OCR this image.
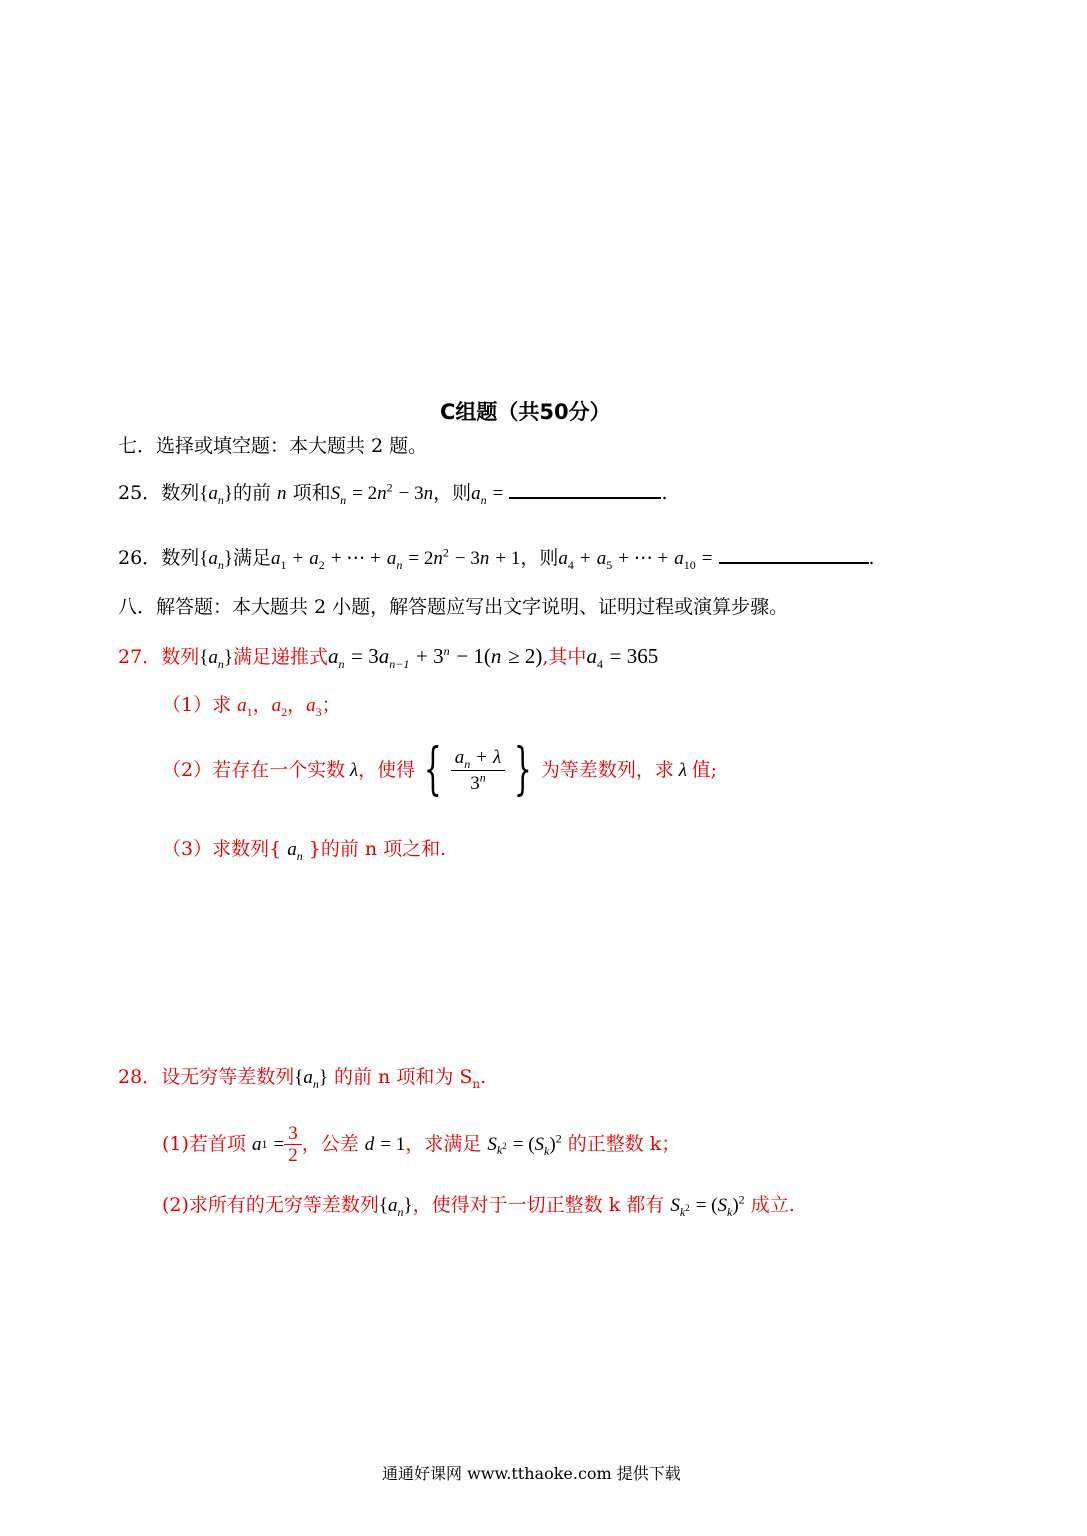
C组题（共50分）
七．选择或填空题：本大题共 2 题。
25．数列$\{a_n\}$的前 n 项和$S_n = 2n^2 - 3n$，则$a_n$ =	.
26．数列$\{a_n\}$满足$a_1 + a_2$ + ⋯ + $a_n = 2n^2 - 3n + 1$，则$a_4 + a_5$ + ⋯ + $a_{10}$ =	.
八．解答题：本大题共 2 小题，解答题应写出文字说明、证明过程或演算步骤。
27．数列$\{a_n\}$满足递推式$a_n = 3a_{n-1} + 3^n - 1(n \ge 2)$,其中$a_4 = 365$
（1）求 $a_1$，$a_2$，$a_3$；
（2）若存在一个实数 λ ，使得 { $\frac{a_n + \lambda}{3^n}$ } 为等差数列，求 λ 值;
（3）求数列{ $a_n$ }的前 n 项之和.
28．设无穷等差数列$\{a_n\}$ 的前 n 项和为 $S_n$.
(1)若首项
a 1
= $\frac{3}{2}$ ，公差
d
= 1 ，求满足
$S_{k^2} = (S_k)^2$
的正整数 k；
(2)求所有的无穷等差数列$\{a_n\}$，使得对于一切正整数 k 都有 $S_{k^2} = (S_k)^2$ 成立.
通通好课网 www.tthaoke.com 提供下载
